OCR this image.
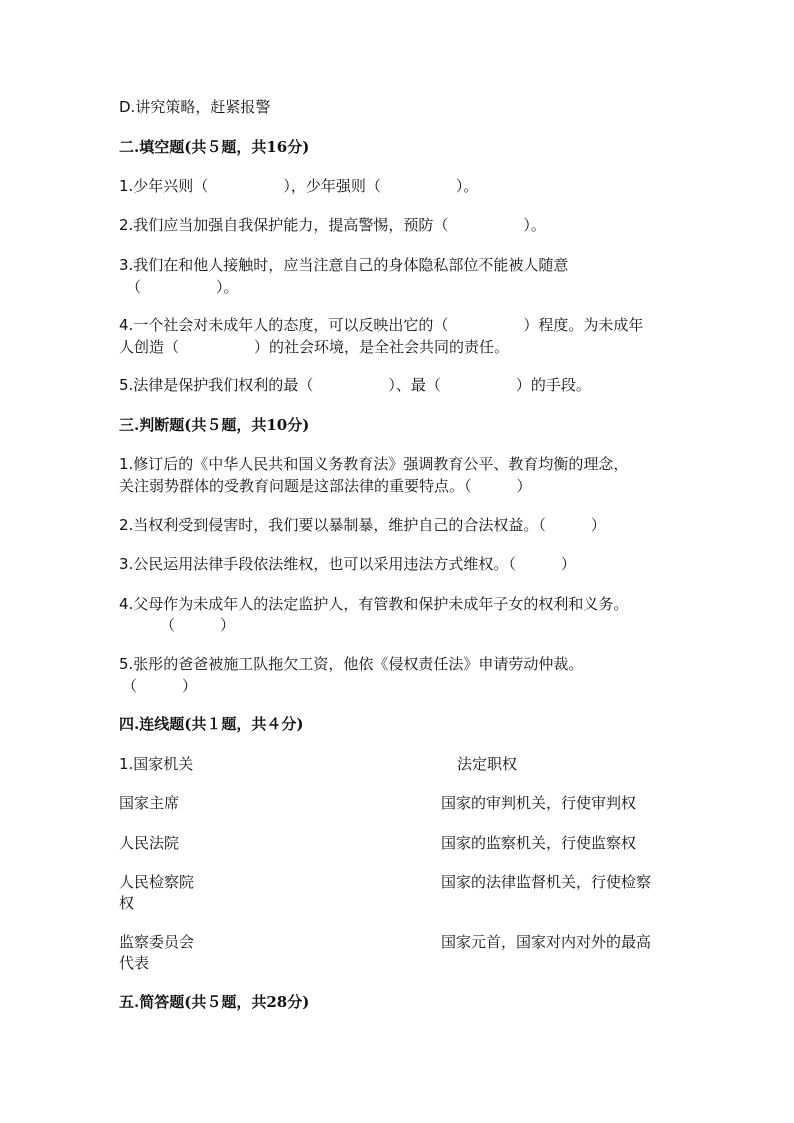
D.讲究策略，赶紧报警
二.填空题(共５题，共16分)
1.少年兴则（　　　　　），少年强则（　　　　　）。
2.我们应当加强自我保护能力，提高警惕，预防（　　　　　）。
3.我们在和他人接触时，应当注意自己的身体隐私部位不能被人随意
（　　　　　）。
4.一个社会对未成年人的态度，可以反映出它的（　　　　　）程度。为未成年
人创造（　　　　　）的社会环境，是全社会共同的责任。
5.法律是保护我们权利的最（　　　　　）、最（　　　　　）的手段。
三.判断题(共５题，共10分)
1.修订后的《中华人民共和国义务教育法》强调教育公平、教育均衡的理念，
关注弱势群体的受教育问题是这部法律的重要特点。（　　　）
2.当权利受到侵害时，我们要以暴制暴，维护自己的合法权益。（　　　）
3.公民运用法律手段依法维权，也可以采用违法方式维权。（　　　）
4.父母作为未成年人的法定监护人，有管教和保护未成年子女的权利和义务。
（　　　）
5.张彤的爸爸被施工队拖欠工资，他依《侵权责任法》申请劳动仲裁。
（　　　）
四.连线题(共１题，共４分)
1.国家机关	法定职权
国家主席	国家的审判机关，行使审判权
人民法院	国家的监察机关，行使监察权
人民检察院	国家的法律监督机关，行使检察
权
监察委员会	国家元首，国家对内对外的最高
代表
五.简答题(共５题，共28分)
